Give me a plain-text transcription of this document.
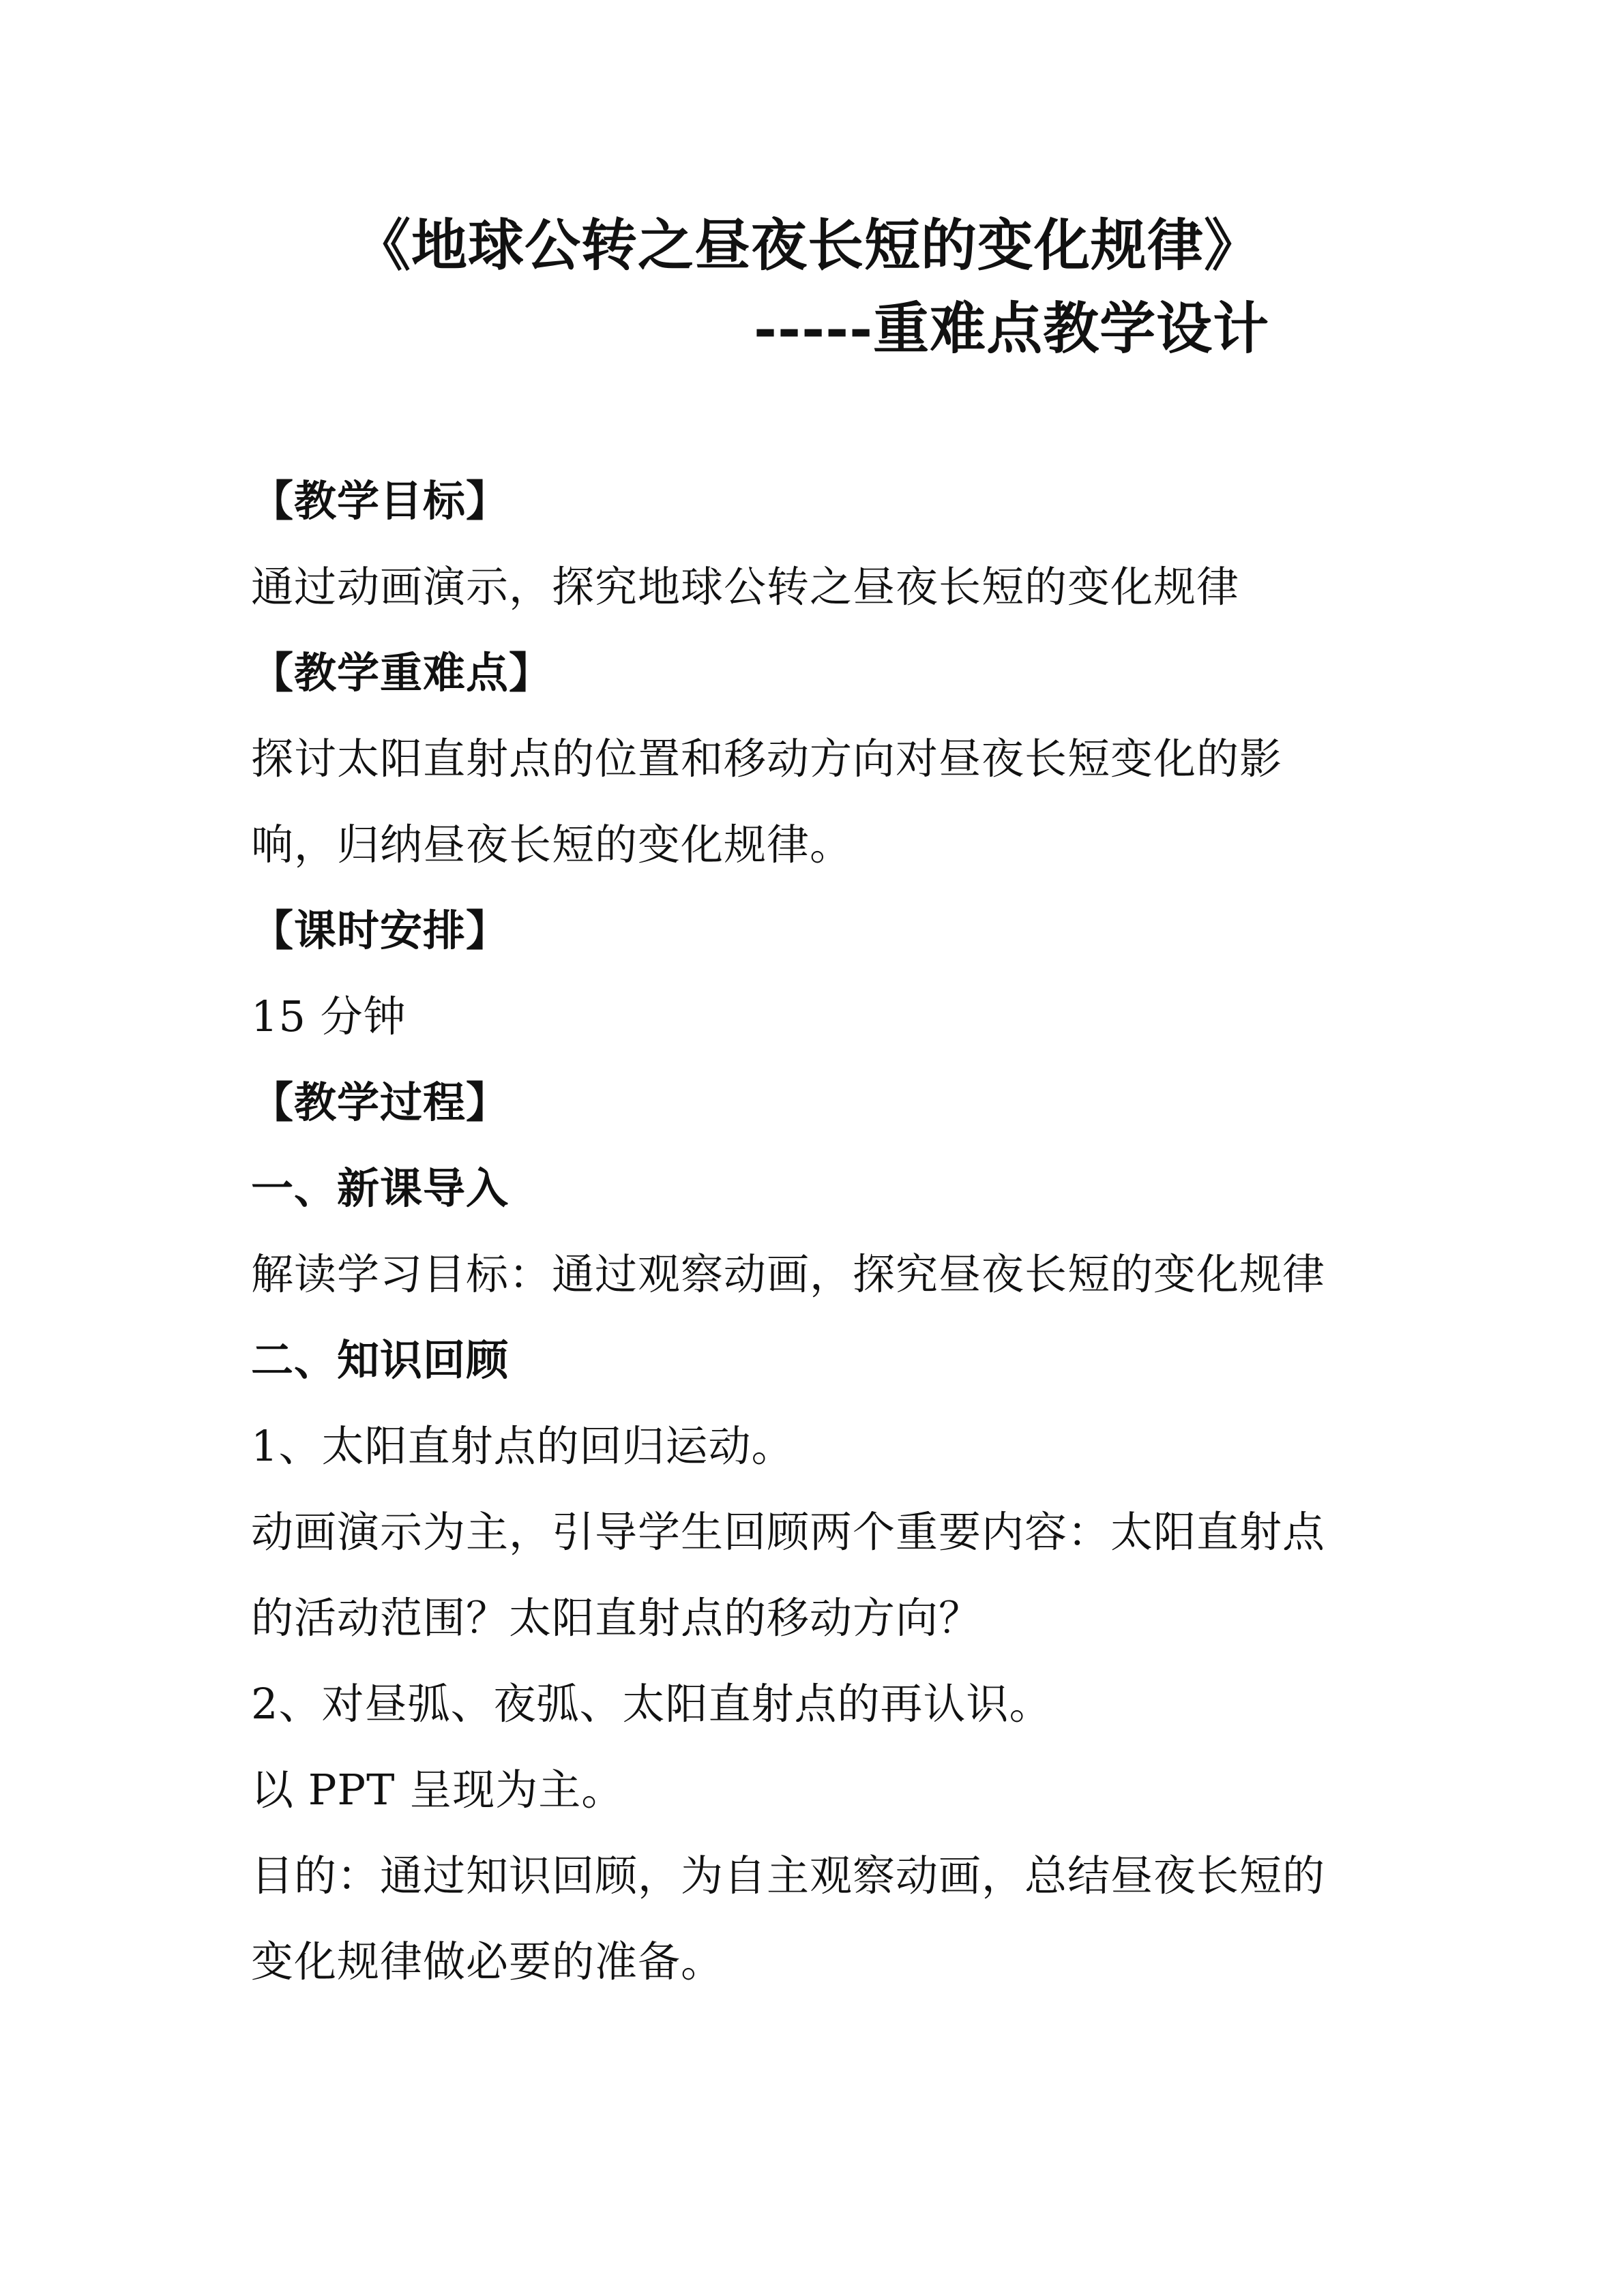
《地球公转之昼夜长短的变化规律》
-----重难点教学设计
【教学目标】
通过动画演示，探究地球公转之昼夜长短的变化规律
【教学重难点】
探讨太阳直射点的位置和移动方向对昼夜长短变化的影
响，归纳昼夜长短的变化规律。
【课时安排】
15 分钟
【教学过程】
一、新课导入
解读学习目标：通过观察动画，探究昼夜长短的变化规律
二、知识回顾
1、太阳直射点的回归运动。
动画演示为主，引导学生回顾两个重要内容：太阳直射点
的活动范围？太阳直射点的移动方向？
2、对昼弧、夜弧、太阳直射点的再认识。
以 PPT 呈现为主。
目的：通过知识回顾，为自主观察动画，总结昼夜长短的
变化规律做必要的准备。
